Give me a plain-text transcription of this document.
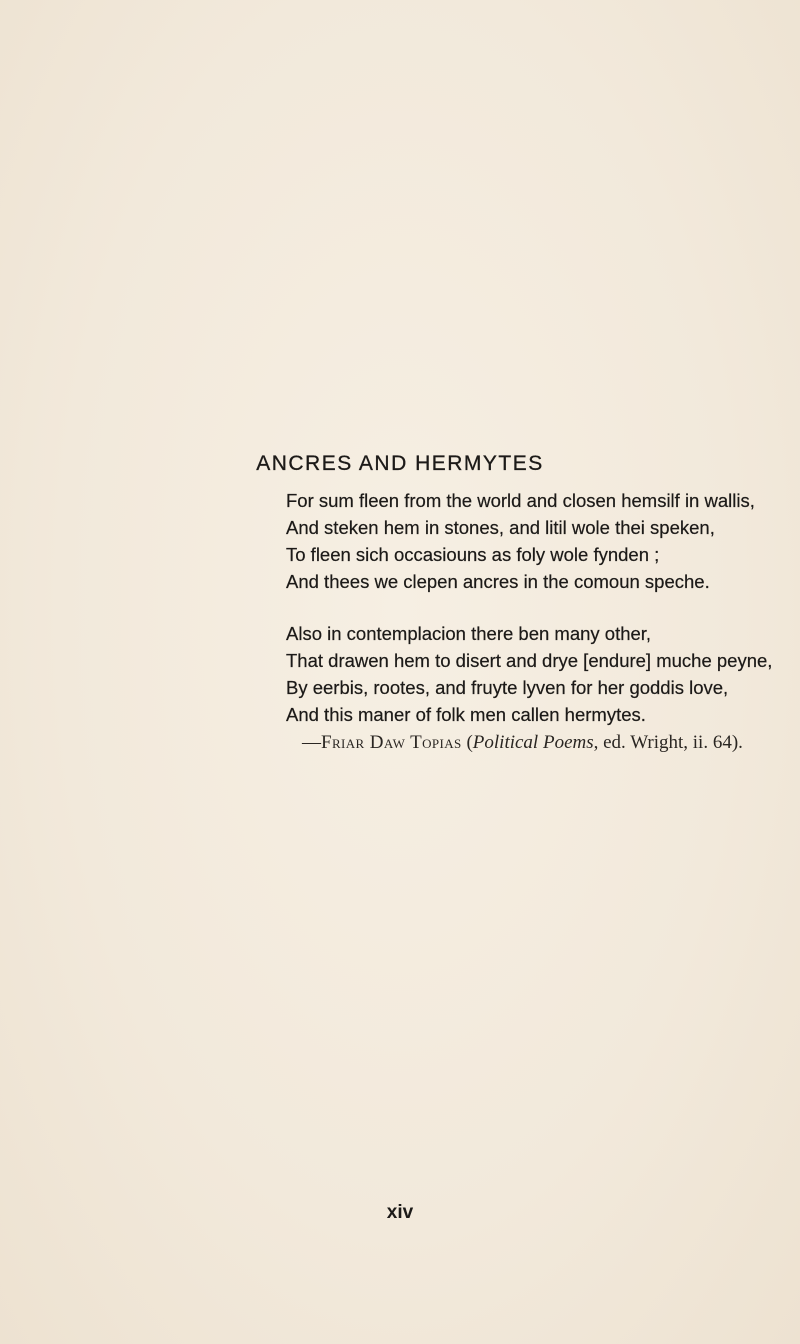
ANCRES AND HERMYTES
For sum fleen from the world and closen hemsilf in wallis,
And steken hem in stones, and litil wole thei speken,
To fleen sich occasiouns as foly wole fynden ;
And thees we clepen ancres in the comoun speche.
Also in contemplacion there ben many other,
That drawen hem to disert and drye [endure] muche peyne,
By eerbis, rootes, and fruyte lyven for her goddis love,
And this maner of folk men callen hermytes.
—Friar Daw Topias (Political Poems, ed. Wright, ii. 64).
xiv
